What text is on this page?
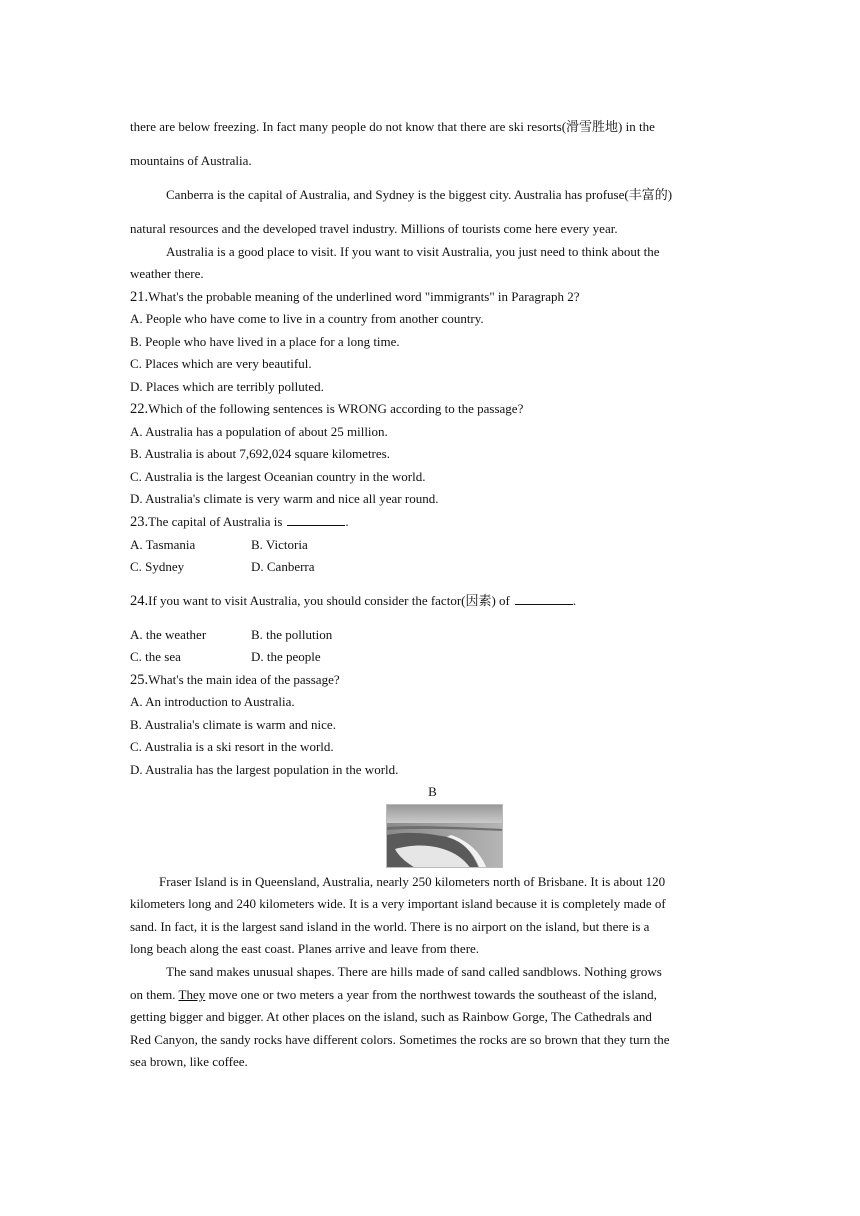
there are below freezing. In fact many people do not know that there are ski resorts(滑雪胜地) in the
mountains of Australia.
Canberra is the capital of Australia, and Sydney is the biggest city. Australia has profuse(丰富的)
natural resources and the developed travel industry. Millions of tourists come here every year.
Australia is a good place to visit. If you want to visit Australia, you just need to think about the
weather there.
21.What's the probable meaning of the underlined word "immigrants" in Paragraph 2?
A. People who have come to live in a country from another country.
B. People who have lived in a place for a long time.
C. Places which are very beautiful.
D. Places which are terribly polluted.
22.Which of the following sentences is WRONG according to the passage?
A. Australia has a population of about 25 million.
B. Australia is about 7,692,024 square kilometres.
C. Australia is the largest Oceanian country in the world.
D. Australia's climate is very warm and nice all year round.
23.The capital of Australia is	.
A. Tasmania	B. Victoria
C. Sydney	D. Canberra
24.If you want to visit Australia, you should consider the factor(因素) of	.
A. the weather	B. the pollution
C. the sea	D. the people
25.What's the main idea of the passage?
A. An introduction to Australia.
B. Australia's climate is warm and nice.
C. Australia is a ski resort in the world.
D. Australia has the largest population in the world.
B
Fraser Island is in Queensland, Australia, nearly 250 kilometers north of Brisbane. It is about 120
kilometers long and 240 kilometers wide. It is a very important island because it is completely made of
sand. In fact, it is the largest sand island in the world. There is no airport on the island, but there is a
long beach along the east coast. Planes arrive and leave from there.
The sand makes unusual shapes. There are hills made of sand called sandblows. Nothing grows
on them. They move one or two meters a year from the northwest towards the southeast of the island,
getting bigger and bigger. At other places on the island, such as Rainbow Gorge, The Cathedrals and
Red Canyon, the sandy rocks have different colors. Sometimes the rocks are so brown that they turn the
sea brown, like coffee.
